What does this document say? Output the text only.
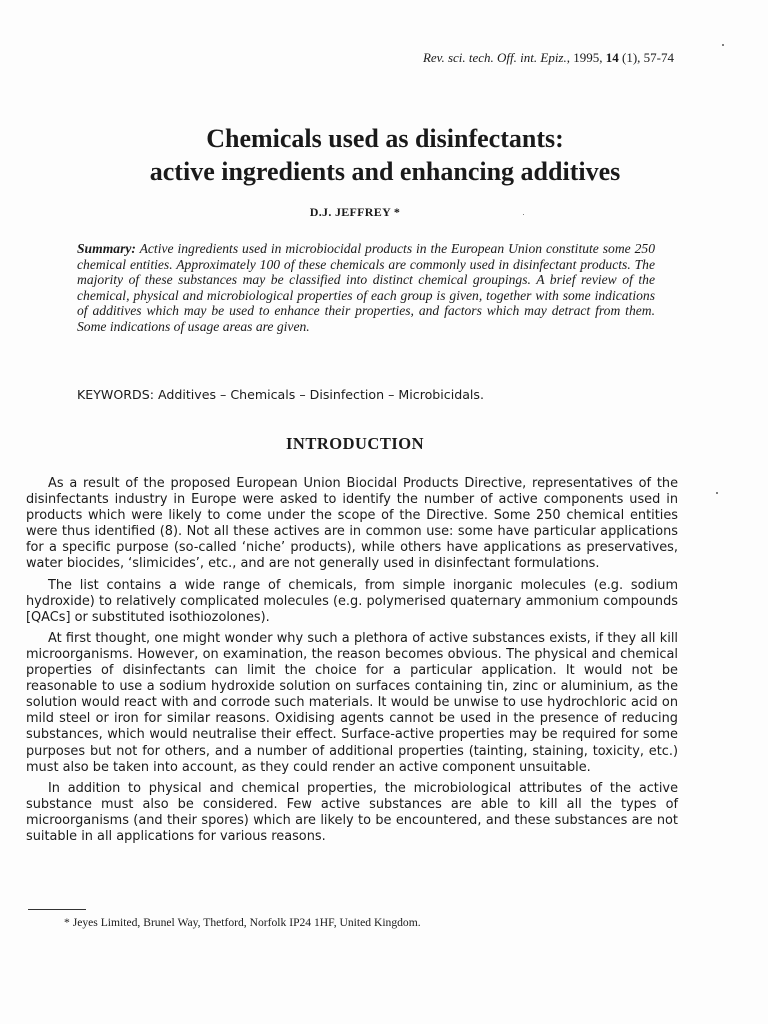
Rev. sci. tech. Off. int. Epiz., 1995, 14 (1), 57-74
Chemicals used as disinfectants:
active ingredients and enhancing additives
D.J. JEFFREY *

Summary: Active ingredients used in microbiocidal products in the European Union constitute some 250 chemical entities. Approximately 100 of these chemicals are commonly used in disinfectant products. The majority of these substances may be classified into distinct chemical groupings. A brief review of the chemical, physical and microbiological properties of each group is given, together with some indications of additives which may be used to enhance their properties, and factors which may detract from them. Some indications of usage areas are given.

KEYWORDS: Additives – Chemicals – Disinfection – Microbicidals.

INTRODUCTION

As a result of the proposed European Union Biocidal Products Directive, representatives of the disinfectants industry in Europe were asked to identify the number of active components used in products which were likely to come under the scope of the Directive. Some 250 chemical entities were thus identified (8). Not all these actives are in common use: some have particular applications for a specific purpose (so-called ‘niche’ products), while others have applications as preservatives, water biocides, ‘slimicides’, etc., and are not generally used in disinfectant formulations.

The list contains a wide range of chemicals, from simple inorganic molecules (e.g. sodium hydroxide) to relatively complicated molecules (e.g. polymerised quaternary ammonium compounds [QACs] or substituted isothiozolones).

At first thought, one might wonder why such a plethora of active substances exists, if they all kill microorganisms. However, on examination, the reason becomes obvious. The physical and chemical properties of disinfectants can limit the choice for a particular application. It would not be reasonable to use a sodium hydroxide solution on surfaces containing tin, zinc or aluminium, as the solution would react with and corrode such materials. It would be unwise to use hydrochloric acid on mild steel or iron for similar reasons. Oxidising agents cannot be used in the presence of reducing substances, which would neutralise their effect. Surface-active properties may be required for some purposes but not for others, and a number of additional properties (tainting, staining, toxicity, etc.) must also be taken into account, as they could render an active component unsuitable.

In addition to physical and chemical properties, the microbiological attributes of the active substance must also be considered. Few active substances are able to kill all the types of microorganisms (and their spores) which are likely to be encountered, and these substances are not suitable in all applications for various reasons.

* Jeyes Limited, Brunel Way, Thetford, Norfolk IP24 1HF, United Kingdom.
